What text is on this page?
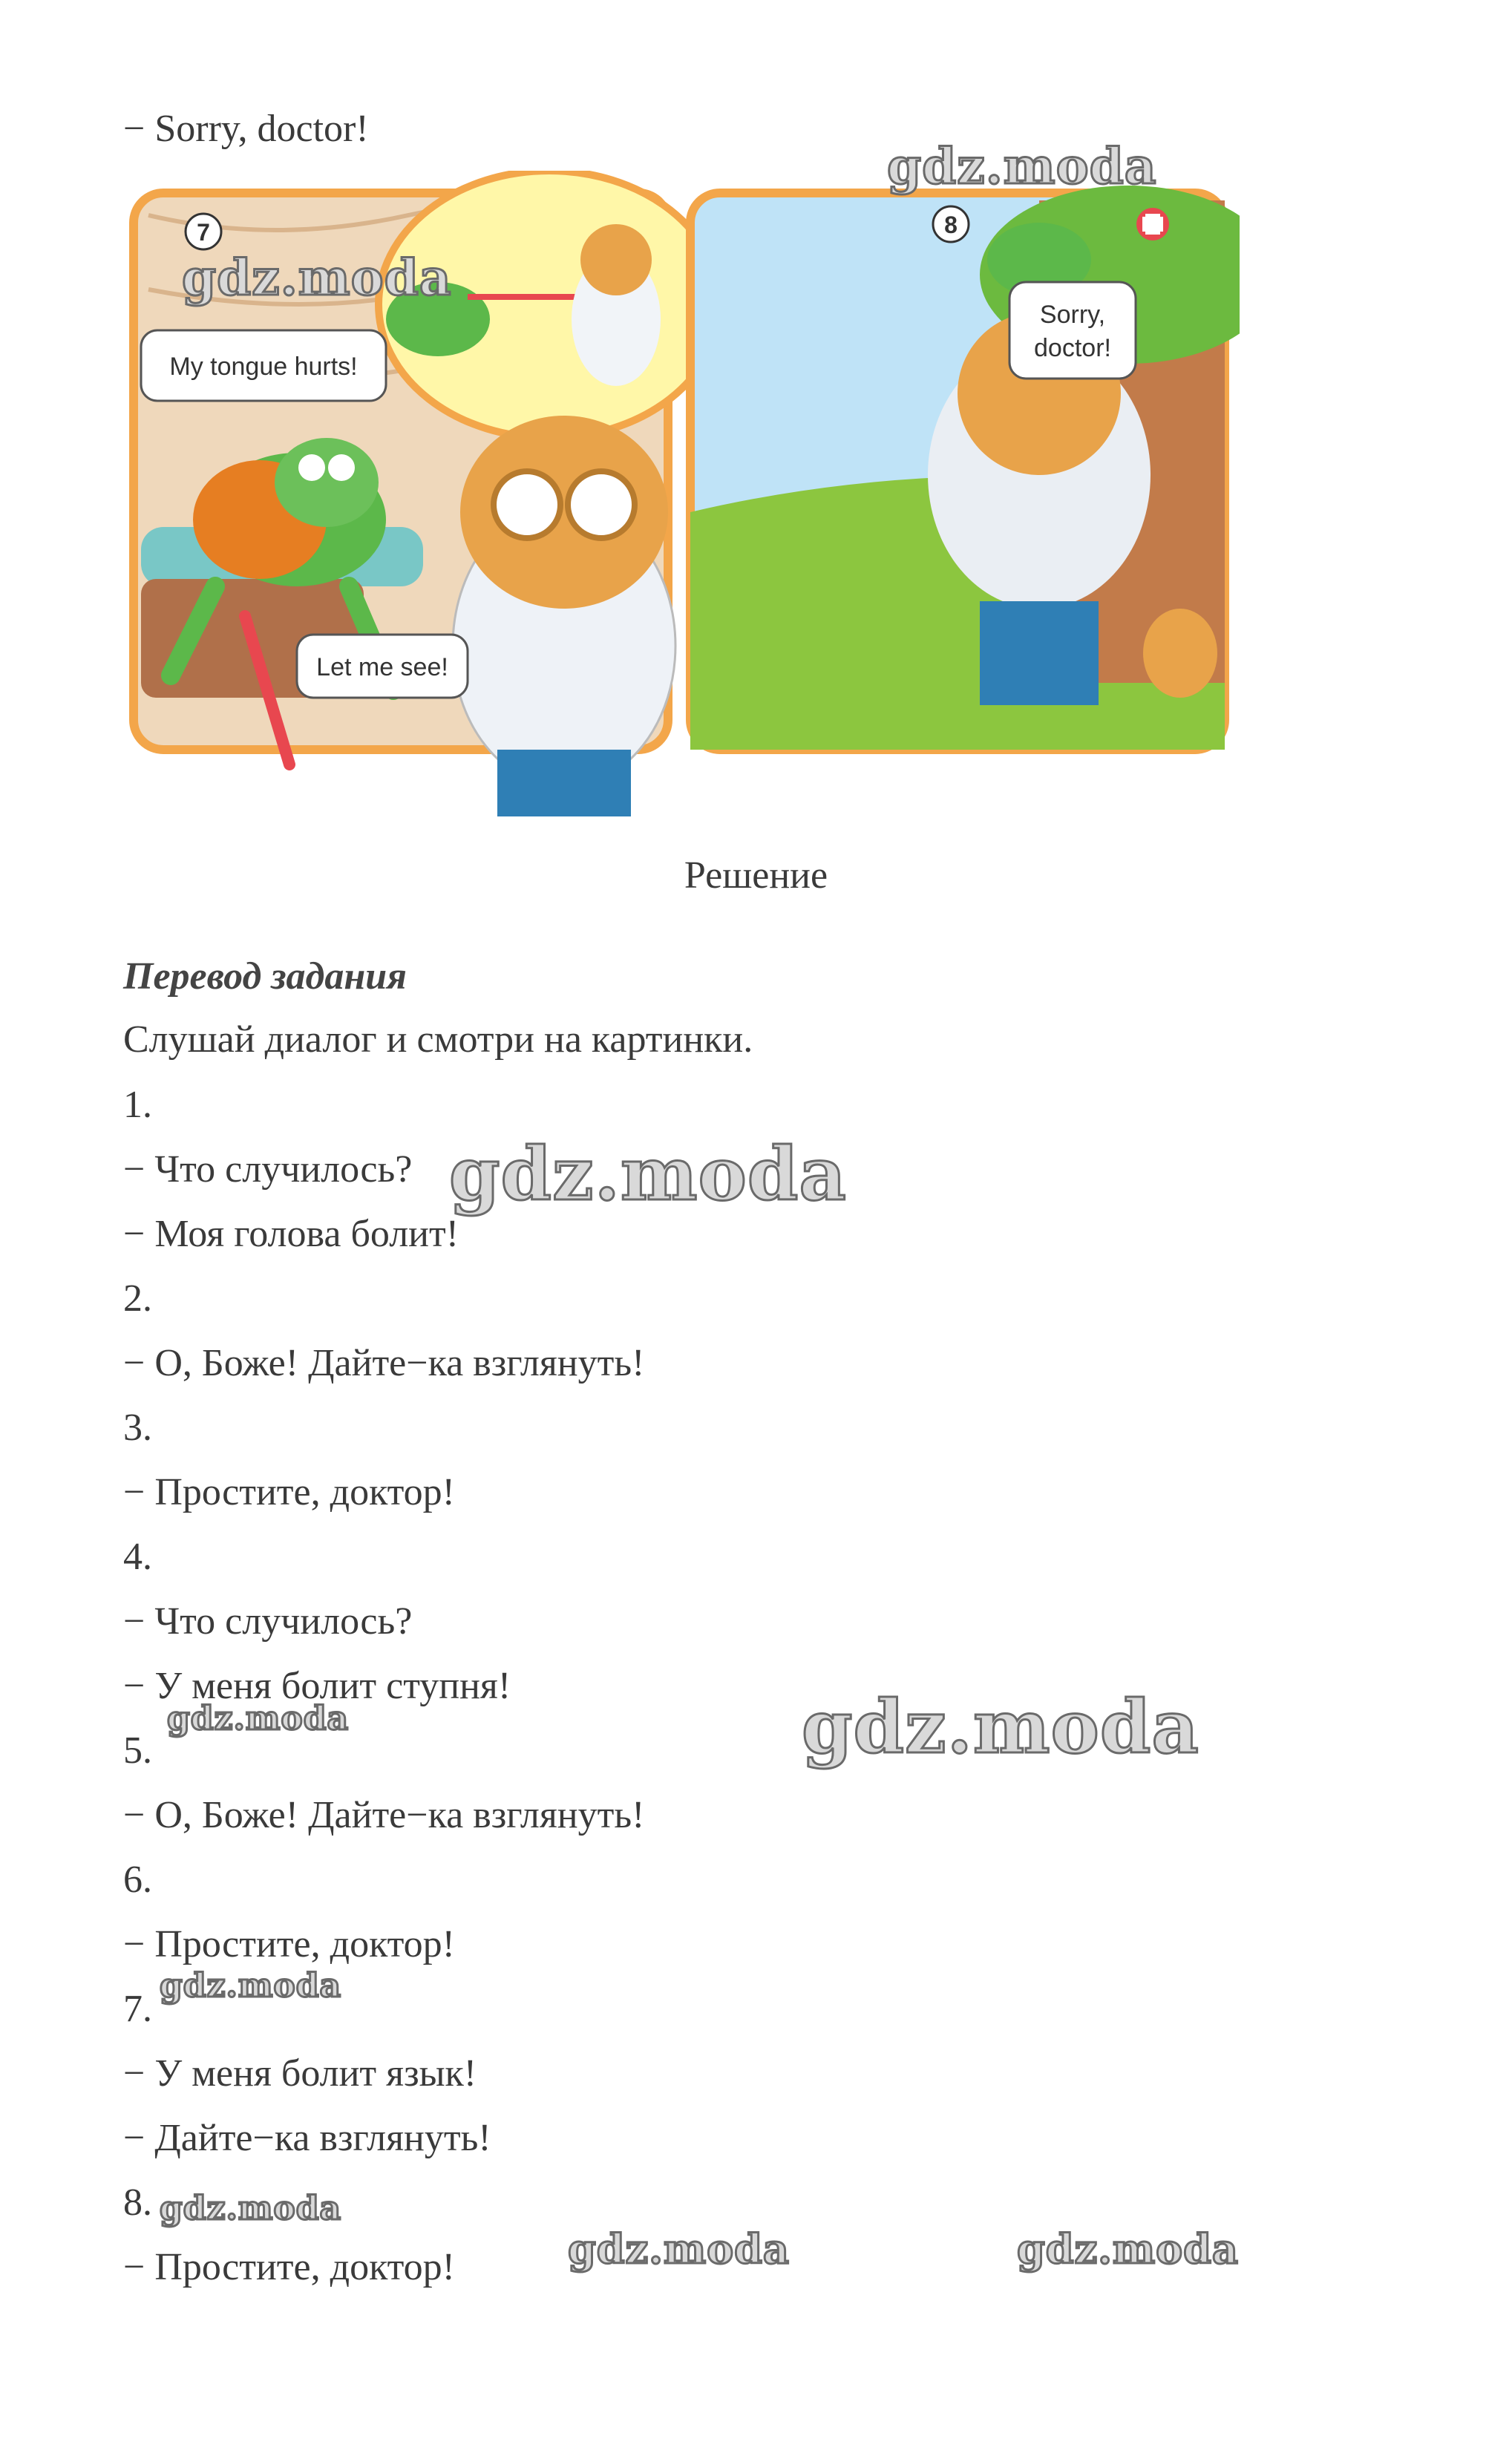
− Sorry, doctor!
7	8
My tongue hurts!
Let me see!
Sorry,
doctor!
Решение
Перевод задания
Слушай диалог и смотри на картинки.
1.
− Что случилось?
− Моя голова болит!
2.
− О, Боже! Дайте−ка взглянуть!
3.
− Простите, доктор!
4.
− Что случилось?
− У меня болит ступня!
5.
− О, Боже! Дайте−ка взглянуть!
6.
− Простите, доктор!
7.
− У меня болит язык!
− Дайте−ка взглянуть!
8.
− Простите, доктор!
gdz.moda
gdz.moda
gdz.moda
gdz.moda
gdz.moda
gdz.moda
gdz.moda
gdz.moda	gdz.moda
